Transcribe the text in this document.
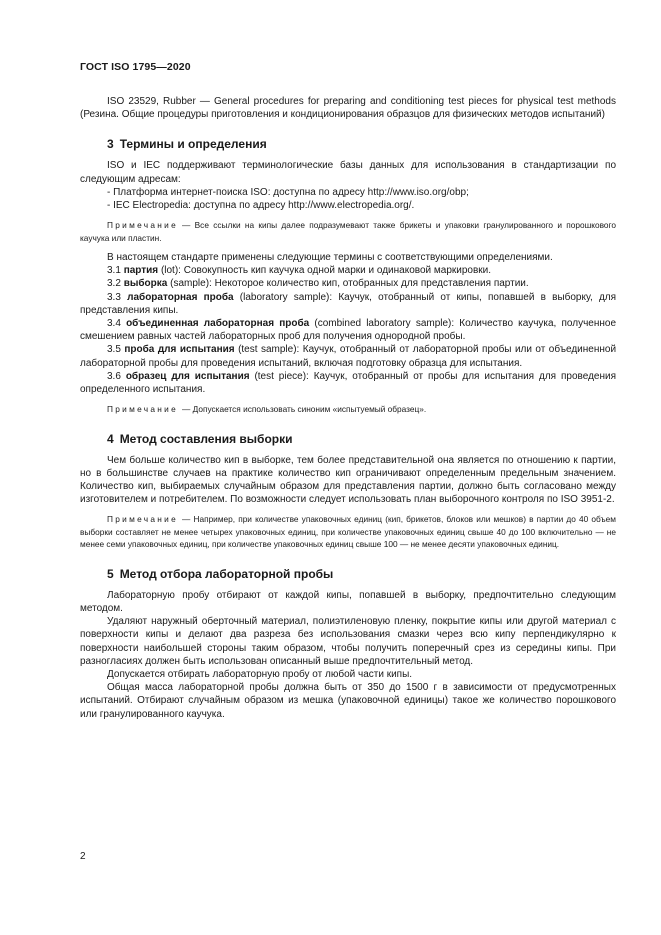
ГОСТ ISO 1795—2020

ISO 23529, Rubber — General procedures for preparing and conditioning test pieces for physical test methods (Резина. Общие процедуры приготовления и кондиционирования образцов для физических методов испытаний)

3 Термины и определения

ISO и IEC поддерживают терминологические базы данных для использования в стандартизации по следующим адресам:

- Платформа интернет-поиска ISO: доступна по адресу http://www.iso.org/obp;

- IEC Electropedia: доступна по адресу http://www.electropedia.org/.

Примечание — Все ссылки на кипы далее подразумевают также брикеты и упаковки гранулированного и порошкового каучука или пластин.

В настоящем стандарте применены следующие термины с соответствующими определениями.

3.1 партия (lot): Совокупность кип каучука одной марки и одинаковой маркировки.

3.2 выборка (sample): Некоторое количество кип, отобранных для представления партии.

3.3 лабораторная проба (laboratory sample): Каучук, отобранный от кипы, попавшей в выборку, для представления кипы.

3.4 объединенная лабораторная проба (combined laboratory sample): Количество каучука, полученное смешением равных частей лабораторных проб для получения однородной пробы.

3.5 проба для испытания (test sample): Каучук, отобранный от лабораторной пробы или от объединенной лабораторной пробы для проведения испытаний, включая подготовку образца для испытания.

3.6 образец для испытания (test piece): Каучук, отобранный от пробы для испытания для проведения определенного испытания.

Примечание — Допускается использовать синоним «испытуемый образец».

4 Метод составления выборки

Чем больше количество кип в выборке, тем более представительной она является по отношению к партии, но в большинстве случаев на практике количество кип ограничивают определенным предельным значением. Количество кип, выбираемых случайным образом для представления партии, должно быть согласовано между изготовителем и потребителем. По возможности следует использовать план выборочного контроля по ISO 3951-2.

Примечание — Например, при количестве упаковочных единиц (кип, брикетов, блоков или мешков) в партии до 40 объем выборки составляет не менее четырех упаковочных единиц, при количестве упаковочных единиц свыше 40 до 100 включительно — не менее семи упаковочных единиц, при количестве упаковочных единиц свыше 100 — не менее десяти упаковочных единиц.

5 Метод отбора лабораторной пробы

Лабораторную пробу отбирают от каждой кипы, попавшей в выборку, предпочтительно следующим методом.

Удаляют наружный оберточный материал, полиэтиленовую пленку, покрытие кипы или другой материал с поверхности кипы и делают два разреза без использования смазки через всю кипу перпендикулярно к поверхности наибольшей стороны таким образом, чтобы получить поперечный срез из середины кипы. При разногласиях должен быть использован описанный выше предпочтительный метод.

Допускается отбирать лабораторную пробу от любой части кипы.

Общая масса лабораторной пробы должна быть от 350 до 1500 г в зависимости от предусмотренных испытаний. Отбирают случайным образом из мешка (упаковочной единицы) такое же количество порошкового или гранулированного каучука.

2
